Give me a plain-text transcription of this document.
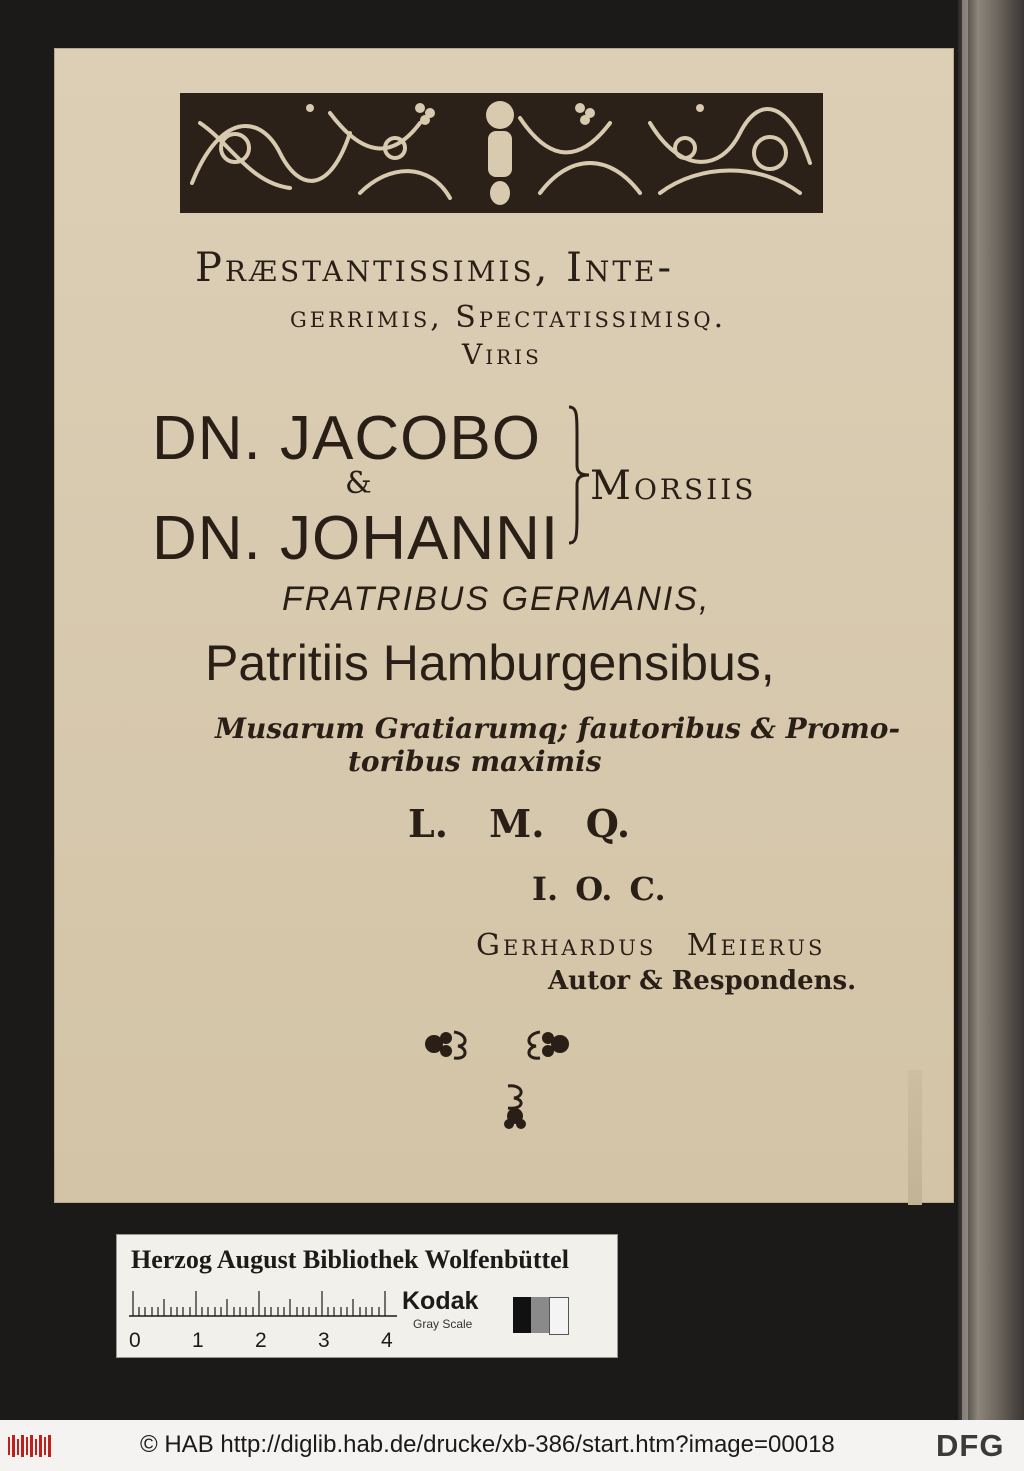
Præstantissimis, Inte-
gerrimis, Spectatissimisq.
Viris
DN. JACOBO
&
DN. JOHANNI
Morsiis
FRATRIBUS GERMANIS,
Patritiis Hamburgensibus,
Musarum Gratiarumq; fautoribus & Promo-
toribus maximis
L. M. Q.
I. O. C.
Gerhardus Meierus
Autor & Respondens.
Herzog August Bibliothek Wolfenbüttel
0 1 2 3 4
Kodak
Gray Scale
© HAB http://diglib.hab.de/drucke/xb-386/start.htm?image=00018	DFG
